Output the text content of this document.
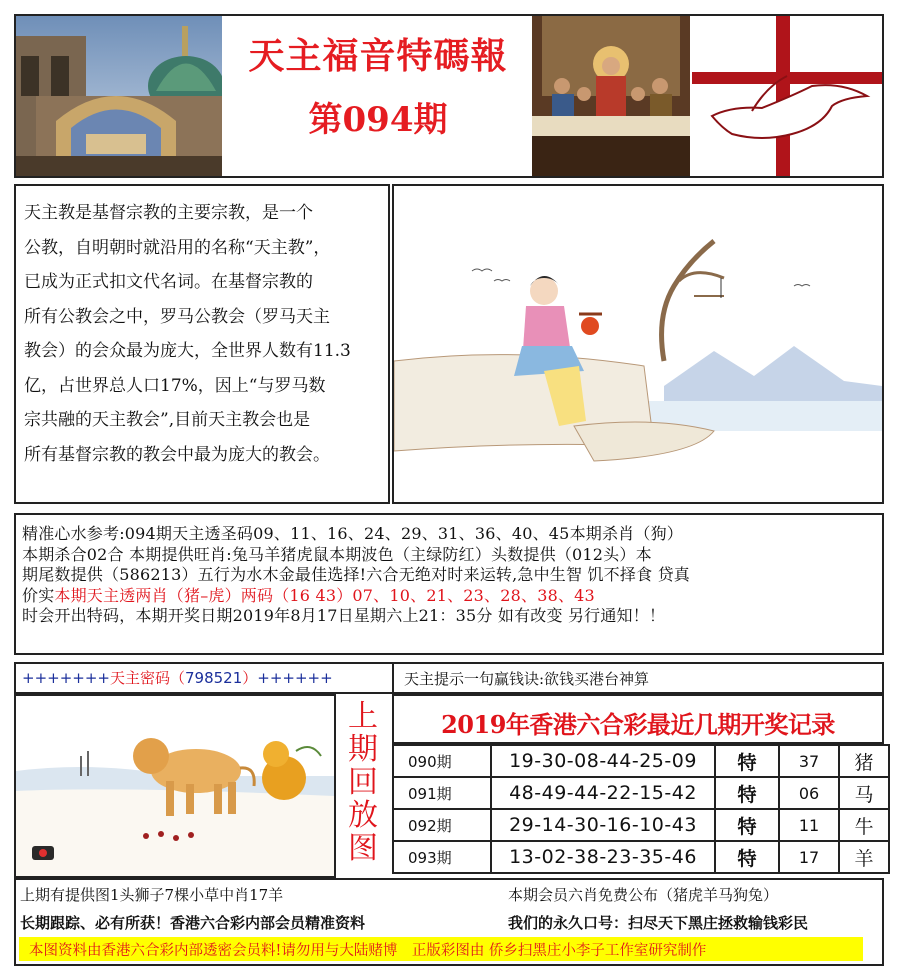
天主福音特碼報
第094期

天主教是基督宗教的主要宗教，是一个

公教，自明朝时就沿用的名称“天主教”，

已成为正式扣文代名词。在基督宗教的

所有公教会之中，罗马公教会（罗马天主

教会）的会众最为庞大，全世界人数有11.3

亿，占世界总人口17%，因上“与罗马数

宗共融的天主教会”,目前天主教会也是

所有基督宗教的教会中最为庞大的教会。

精准心水参考:094期天主透圣码09、11、16、24、29、31、36、40、45本期杀肖（狗）

本期杀合02合 本期提供旺肖:兔马羊猪虎鼠本期波色（主绿防红）头数提供（012头）本

期尾数提供（586213）五行为水木金最佳选择!六合无绝对时来运转,急中生智 饥不择食 贷真

价实本期天主透两肖（猪–虎）两码（16 43）07、10、21、23、28、38、43

时会开出特码，本期开奖日期2019年8月17日星期六上21：35分 如有改变 另行通知！！

+++++++天主密码（798521）++++++
上
期
回
放
图
天主提示一句赢钱诀:欲钱买港台神算
2019年香港六合彩最近几期开奖记录
090期	19-30-08-44-25-09	特	37	猪
091期	48-49-44-22-15-42	特	06	马
092期	29-14-30-16-10-43	特	11	牛
093期	13-02-38-23-35-46	特	17	羊

上期有提供图1头狮子7棵小草中肖17羊	本期会员六肖免费公布（猪虎羊马狗兔）

长期跟踪、必有所获！香港六合彩内部会员精准资料	我们的永久口号：扫尽天下黑庄拯救输钱彩民

本图资料由香港六合彩内部透密会员料!请勿用与大陆赌博　正版彩图由 侨乡扫黑庄小李子工作室研究制作
